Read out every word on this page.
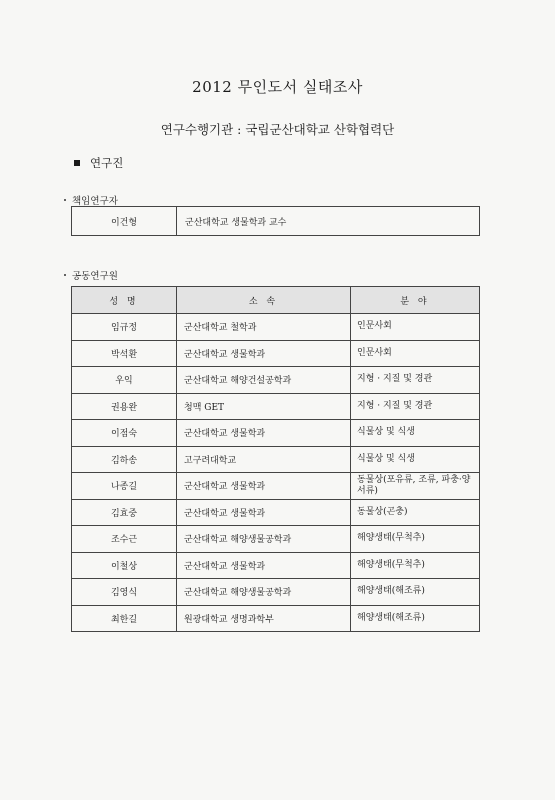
2012 무인도서 실태조사
연구수행기관 : 국립군산대학교 산학협력단
연구진
책임연구자
이건형	군산대학교 생물학과 교수
공동연구원
성 명	소 속	분 야
임규정	군산대학교 철학과	인문사회
박석환	군산대학교 생물학과	인문사회
우익	군산대학교 해양건설공학과	지형 · 지질 및 경관
권용완	청맥 GET	지형 · 지질 및 경관
이점숙	군산대학교 생물학과	식물상 및 식생
김하송	고구려대학교	식물상 및 식생
나종길	군산대학교 생물학과	동물상(포유류, 조류, 파충·양서류)
김효중	군산대학교 생물학과	동물상(곤충)
조수근	군산대학교 해양생물공학과	해양생태(무척추)
이철상	군산대학교 생물학과	해양생태(무척추)
김영식	군산대학교 해양생물공학과	해양생태(해조류)
최한길	원광대학교 생명과학부	해양생태(해조류)
